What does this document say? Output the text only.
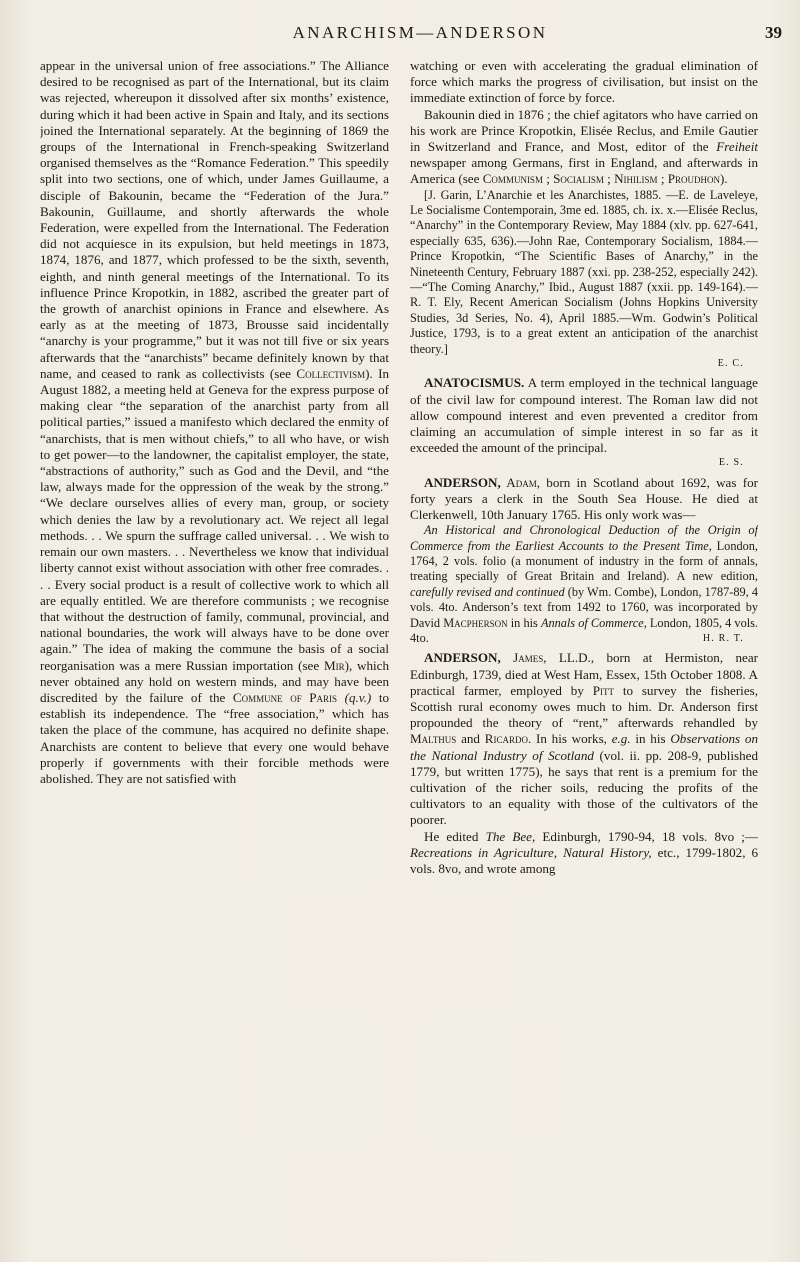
ANARCHISM—ANDERSON	39

appear in the universal union of free associations.” The Alliance desired to be recognised as part of the International, but its claim was rejected, whereupon it dissolved after six months’ existence, during which it had been active in Spain and Italy, and its sections joined the International separately. At the beginning of 1869 the groups of the International in French-speaking Switzerland organised themselves as the “Romance Federation.” This speedily split into two sections, one of which, under James Guillaume, a disciple of Bakounin, became the “Federation of the Jura.” Bakounin, Guillaume, and shortly afterwards the whole Federation, were expelled from the International. The Federation did not acquiesce in its expulsion, but held meetings in 1873, 1874, 1876, and 1877, which professed to be the sixth, seventh, eighth, and ninth general meetings of the International. To its influence Prince Kropotkin, in 1882, ascribed the greater part of the growth of anarchist opinions in France and elsewhere. As early as at the meeting of 1873, Brousse said incidentally “anarchy is your programme,” but it was not till five or six years afterwards that the “anarchists” became definitely known by that name, and ceased to rank as collectivists (see Collectivism). In August 1882, a meeting held at Geneva for the express purpose of making clear “the separation of the anarchist party from all political parties,” issued a manifesto which declared the enmity of “anarchists, that is men without chiefs,” to all who have, or wish to get power—to the landowner, the capitalist employer, the state, “abstractions of authority,” such as God and the Devil, and “the law, always made for the oppression of the weak by the strong.” “We declare ourselves allies of every man, group, or society which denies the law by a revolutionary act. We reject all legal methods. . . We spurn the suffrage called universal. . . We wish to remain our own masters. . . Nevertheless we know that individual liberty cannot exist without association with other free comrades. . . . Every social product is a result of collective work to which all are equally entitled. We are therefore communists ; we recognise that without the destruction of family, communal, provincial, and national boundaries, the work will always have to be done over again.” The idea of making the commune the basis of a social reorganisation was a mere Russian importation (see Mir), which never obtained any hold on western minds, and may have been discredited by the failure of the Commune of Paris (q.v.) to establish its independence. The “free association,” which has taken the place of the commune, has acquired no definite shape. Anarchists are content to believe that every one would behave properly if governments with their forcible methods were abolished. They are not satisfied with

watching or even with accelerating the gradual elimination of force which marks the progress of civilisation, but insist on the immediate extinction of force by force.

Bakounin died in 1876 ; the chief agitators who have carried on his work are Prince Kropotkin, Elisée Reclus, and Emile Gautier in Switzerland and France, and Most, editor of the Freiheit newspaper among Germans, first in England, and afterwards in America (see Communism ; Socialism ; Nihilism ; Proudhon).

[J. Garin, L’Anarchie et les Anarchistes, 1885. —E. de Laveleye, Le Socialisme Contemporain, 3me ed. 1885, ch. ix. x.—Elisée Reclus, “Anarchy” in the Contemporary Review, May 1884 (xlv. pp. 627-641, especially 635, 636).—John Rae, Contemporary Socialism, 1884.—Prince Kropotkin, “The Scientific Bases of Anarchy,” in the Nineteenth Century, February 1887 (xxi. pp. 238-252, especially 242).—“The Coming Anarchy,” Ibid., August 1887 (xxii. pp. 149-164).—R. T. Ely, Recent American Socialism (Johns Hopkins University Studies, 3d Series, No. 4), April 1885.—Wm. Godwin’s Political Justice, 1793, is to a great extent an anticipation of the anarchist theory.]

E. C.

ANATOCISMUS. A term employed in the technical language of the civil law for compound interest. The Roman law did not allow compound interest and even prevented a creditor from claiming an accumulation of simple interest in so far as it exceeded the amount of the principal.

E. S.

ANDERSON, Adam, born in Scotland about 1692, was for forty years a clerk in the South Sea House. He died at Clerkenwell, 10th January 1765. His only work was—

An Historical and Chronological Deduction of the Origin of Commerce from the Earliest Accounts to the Present Time, London, 1764, 2 vols. folio (a monument of industry in the form of annals, treating specially of Great Britain and Ireland). A new edition, carefully revised and continued (by Wm. Combe), London, 1787-89, 4 vols. 4to. Anderson’s text from 1492 to 1760, was incorporated by David Macpherson in his Annals of Commerce, London, 1805, 4 vols. 4to.	H. R. T.

ANDERSON, James, LL.D., born at Hermiston, near Edinburgh, 1739, died at West Ham, Essex, 15th October 1808. A practical farmer, employed by Pitt to survey the fisheries, Scottish rural economy owes much to him. Dr. Anderson first propounded the theory of “rent,” afterwards rehandled by Malthus and Ricardo. In his works, e.g. in his Observations on the National Industry of Scotland (vol. ii. pp. 208-9, published 1779, but written 1775), he says that rent is a premium for the cultivation of the richer soils, reducing the profits of the cultivators to an equality with those of the cultivators of the poorer.

He edited The Bee, Edinburgh, 1790-94, 18 vols. 8vo ;—Recreations in Agriculture, Natural History, etc., 1799-1802, 6 vols. 8vo, and wrote among
